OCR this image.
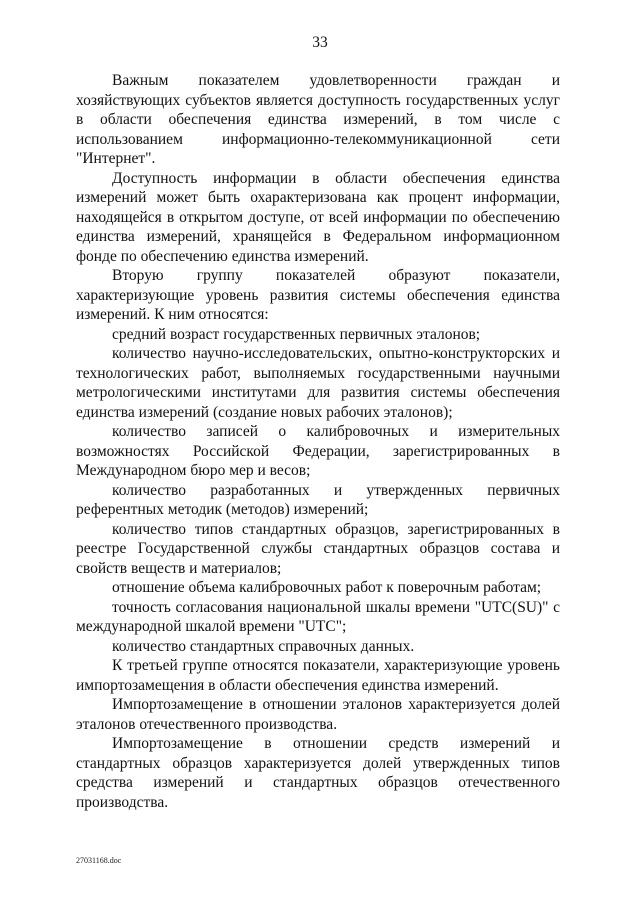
33

Важным показателем удовлетворенности граждан и хозяйствующих субъектов является доступность государственных услуг в области обеспечения единства измерений, в том числе с использованием информационно-телекоммуникационной сети "Интернет".

Доступность информации в области обеспечения единства измерений может быть охарактеризована как процент информации, находящейся в открытом доступе, от всей информации по обеспечению единства измерений, хранящейся в Федеральном информационном фонде по обеспечению единства измерений.

Вторую группу показателей образуют показатели, характеризующие уровень развития системы обеспечения единства измерений. К ним относятся:

средний возраст государственных первичных эталонов;

количество научно-исследовательских, опытно-конструкторских и технологических работ, выполняемых государственными научными метрологическими институтами для развития системы обеспечения единства измерений (создание новых рабочих эталонов);

количество записей о калибровочных и измерительных возможностях Российской Федерации, зарегистрированных в Международном бюро мер и весов;

количество разработанных и утвержденных первичных референтных методик (методов) измерений;

количество типов стандартных образцов, зарегистрированных в реестре Государственной службы стандартных образцов состава и свойств веществ и материалов;

отношение объема калибровочных работ к поверочным работам;

точность согласования национальной шкалы времени "UTC(SU)" с международной шкалой времени "UTC";

количество стандартных справочных данных.

К третьей группе относятся показатели, характеризующие уровень импортозамещения в области обеспечения единства измерений.

Импортозамещение в отношении эталонов характеризуется долей эталонов отечественного производства.

Импортозамещение в отношении средств измерений и стандартных образцов характеризуется долей утвержденных типов средства измерений и стандартных образцов отечественного производства.

27031168.doc
